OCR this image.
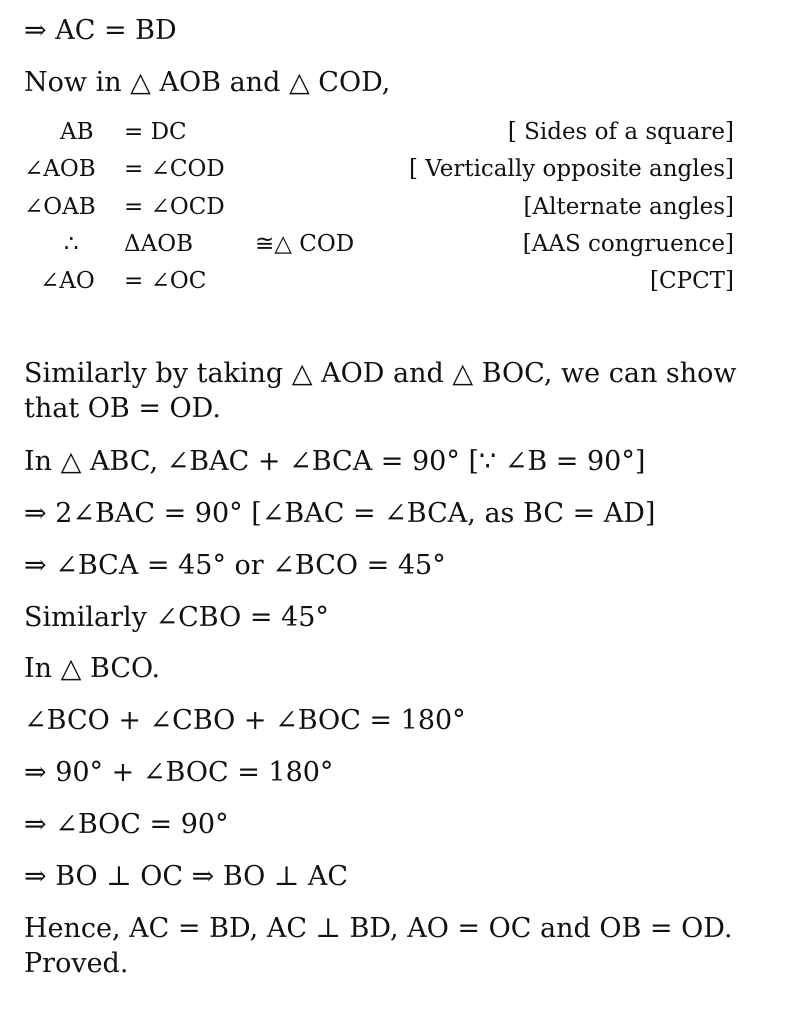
⇒ AC = BD
Now in △ AOB and △ COD,
AB = DC	[ Sides of a square]
∠AOB = ∠COD	[ Vertically opposite angles]
∠OAB = ∠OCD	[Alternate angles]
∴ ΔAOB	≅△ COD	[AAS congruence]
∠AO = ∠OC	[CPCT]
Similarly by taking △ AOD and △ BOC, we can show
that OB = OD.
In △ ABC, ∠BAC + ∠BCA = 90° [∵ ∠B = 90°]
⇒ 2∠BAC = 90° [∠BAC = ∠BCA, as BC = AD]
⇒ ∠BCA = 45° or ∠BCO = 45°
Similarly ∠CBO = 45°
In △ BCO.
∠BCO + ∠CBO + ∠BOC = 180°
⇒ 90° + ∠BOC = 180°
⇒ ∠BOC = 90°
⇒ BO ⊥ OC ⇒ BO ⊥ AC
Hence, AC = BD, AC ⊥ BD, AO = OC and OB = OD.
Proved.
